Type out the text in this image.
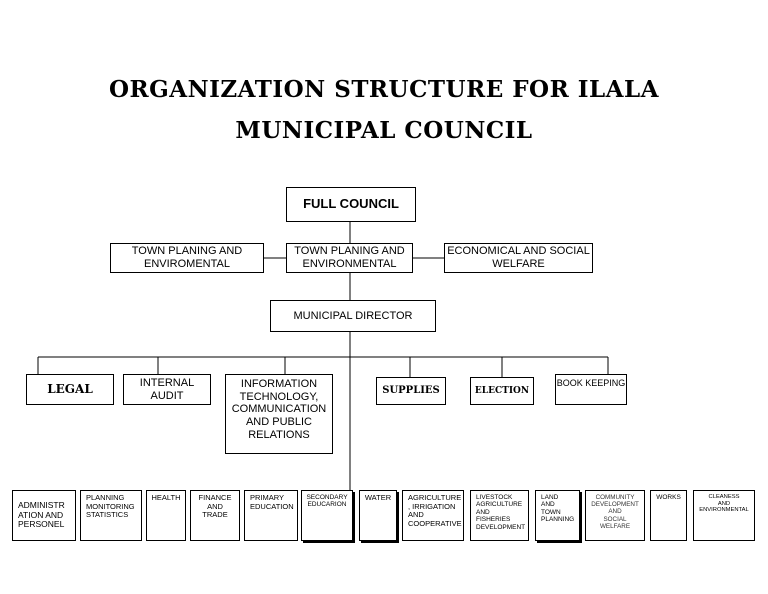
ORGANIZATION STRUCTURE FOR ILALA
MUNICIPAL COUNCIL
FULL COUNCIL
TOWN PLANING AND
ENVIROMENTAL
TOWN PLANING AND
ENVIRONMENTAL
ECONOMICAL AND SOCIAL
WELFARE
MUNICIPAL DIRECTOR
LEGAL	INTERNAL
AUDIT
INFORMATION
TECHNOLOGY,
COMMUNICATION
AND PUBLIC
RELATIONS
SUPPLIES	ELECTION
BOOK KEEPING
ADMINISTR
ATION AND
PERSONEL
PLANNING
MONITORING
STATISTICS
HEALTH FINANCE
AND
TRADE
PRIMARY
EDUCATION
SECONDARY
EDUCARION
WATER AGRICULTURE
, IRRIGATION
AND
COOPERATIVE
LIVESTOCK
AGRICULTURE
AND
FISHERIES
DEVELOPMENT
LAND
AND
TOWN
PLANNING
COMMUNITY
DEVELOPMENT
AND
SOCIAL
WELFARE
WORKS	CLEANESS
AND
ENVIRONMENTAL
